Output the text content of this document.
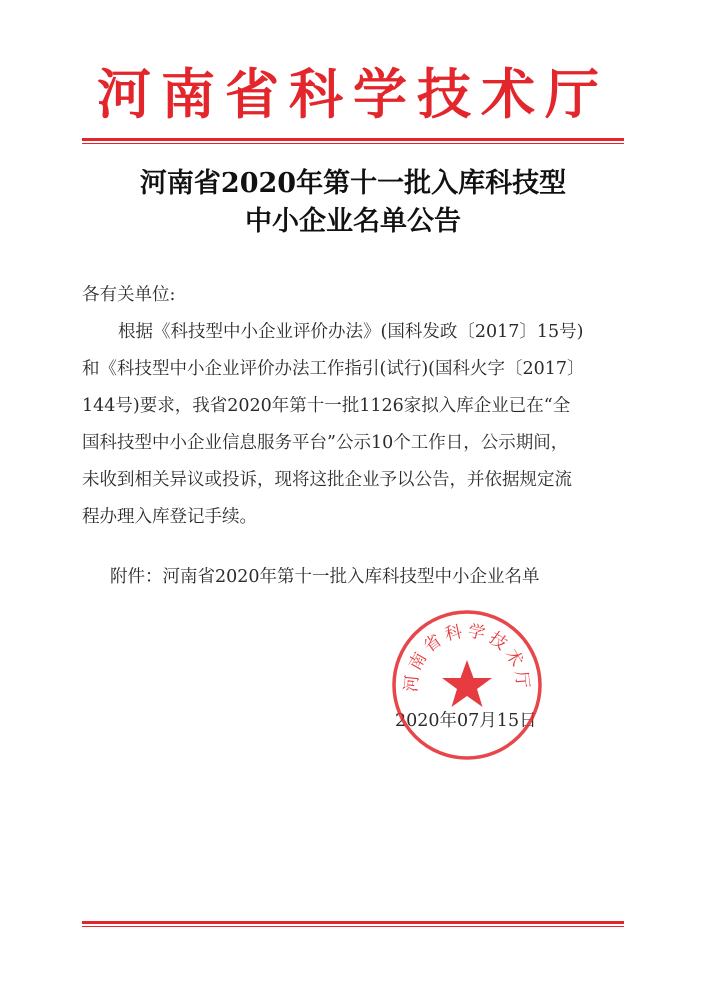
河南省科学技术厅
河南省2020年第十一批入库科技型
中小企业名单公告
各有关单位:
根据《科技型中小企业评价办法》(国科发政〔2017〕15号)
和《科技型中小企业评价办法工作指引(试行)(国科火字〔2017〕
144号)要求，我省2020年第十一批1126家拟入库企业已在“全
国科技型中小企业信息服务平台”公示10个工作日，公示期间，
未收到相关异议或投诉，现将这批企业予以公告，并依据规定流
程办理入库登记手续。
附件：河南省2020年第十一批入库科技型中小企业名单
2020年07月15日
河南省科学技术厅
